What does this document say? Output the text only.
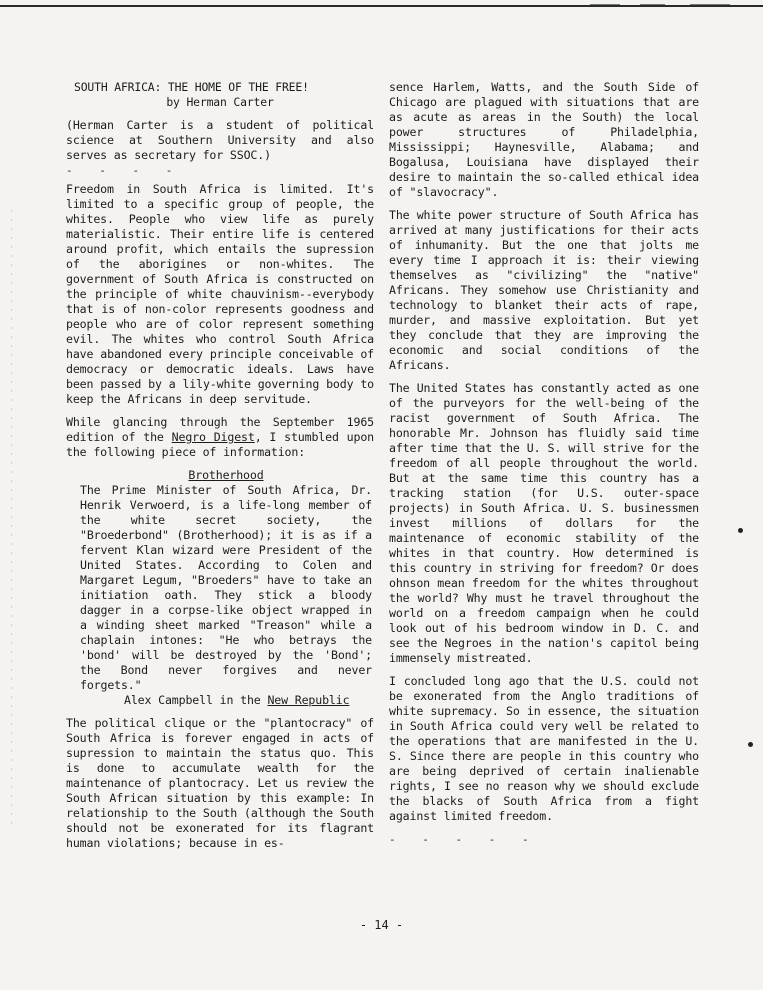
SOUTH AFRICA: THE HOME OF THE FREE!
by Herman Carter

(Herman Carter is a student of political science at Southern University and also serves as secretary for SSOC.)

- - - -

Freedom in South Africa is limited. It's limited to a specific group of people, the whites. People who view life as purely materialistic. Their entire life is centered around profit, which entails the supression of the aborigines or non-whites. The government of South Africa is constructed on the principle of white chauvinism--everybody that is of non-color represents goodness and people who are of color represent something evil. The whites who control South Africa have abandoned every principle conceivable of democracy or democratic ideals. Laws have been passed by a lily-white governing body to keep the Africans in deep servitude.

While glancing through the September 1965 edition of the Negro Digest, I stumbled upon the following piece of information:

Brotherhood

The Prime Minister of South Africa, Dr. Henrik Verwoerd, is a life-long member of the white secret society, the "Broederbond" (Brotherhood); it is as if a fervent Klan wizard were President of the United States. According to Colen and Margaret Legum, "Broeders" have to take an initiation oath. They stick a bloody dagger in a corpse-like object wrapped in a winding sheet marked "Treason" while a chaplain intones: "He who betrays the 'bond' will be destroyed by the 'Bond'; the Bond never forgives and never forgets."

Alex Campbell in the New Republic

The political clique or the "plantocracy" of South Africa is forever engaged in acts of supression to maintain the status quo. This is done to accumulate wealth for the maintenance of plantocracy. Let us review the South African situation by this example: In relationship to the South (although the South should not be exonerated for its flagrant human violations; because in es-

sence Harlem, Watts, and the South Side of Chicago are plagued with situations that are as acute as areas in the South) the local power structures of Philadelphia, Mississippi; Haynesville, Alabama; and Bogalusa, Louisiana have displayed their desire to maintain the so-called ethical idea of "slavocracy".

The white power structure of South Africa has arrived at many justifications for their acts of inhumanity. But the one that jolts me every time I approach it is: their viewing themselves as "civilizing" the "native" Africans. They somehow use Christianity and technology to blanket their acts of rape, murder, and massive exploitation. But yet they conclude that they are improving the economic and social conditions of the Africans.

The United States has constantly acted as one of the purveyors for the well-being of the racist government of South Africa. The honorable Mr. Johnson has fluidly said time after time that the U. S. will strive for the freedom of all people throughout the world. But at the same time this country has a tracking station (for U.S. outer-space projects) in South Africa. U. S. businessmen invest millions of dollars for the maintenance of economic stability of the whites in that country. How determined is this country in striving for freedom? Or does ohnson mean freedom for the whites throughout the world? Why must he travel throughout the world on a freedom campaign when he could look out of his bedroom window in D. C. and see the Negroes in the nation's capitol being immensely mistreated.

I concluded long ago that the U.S. could not be exonerated from the Anglo traditions of white supremacy. So in essence, the situation in South Africa could very well be related to the operations that are manifested in the U. S. Since there are people in this country who are being deprived of certain inalienable rights, I see no reason why we should exclude the blacks of South Africa from a fight against limited freedom.

- - - - -

- 14 -
